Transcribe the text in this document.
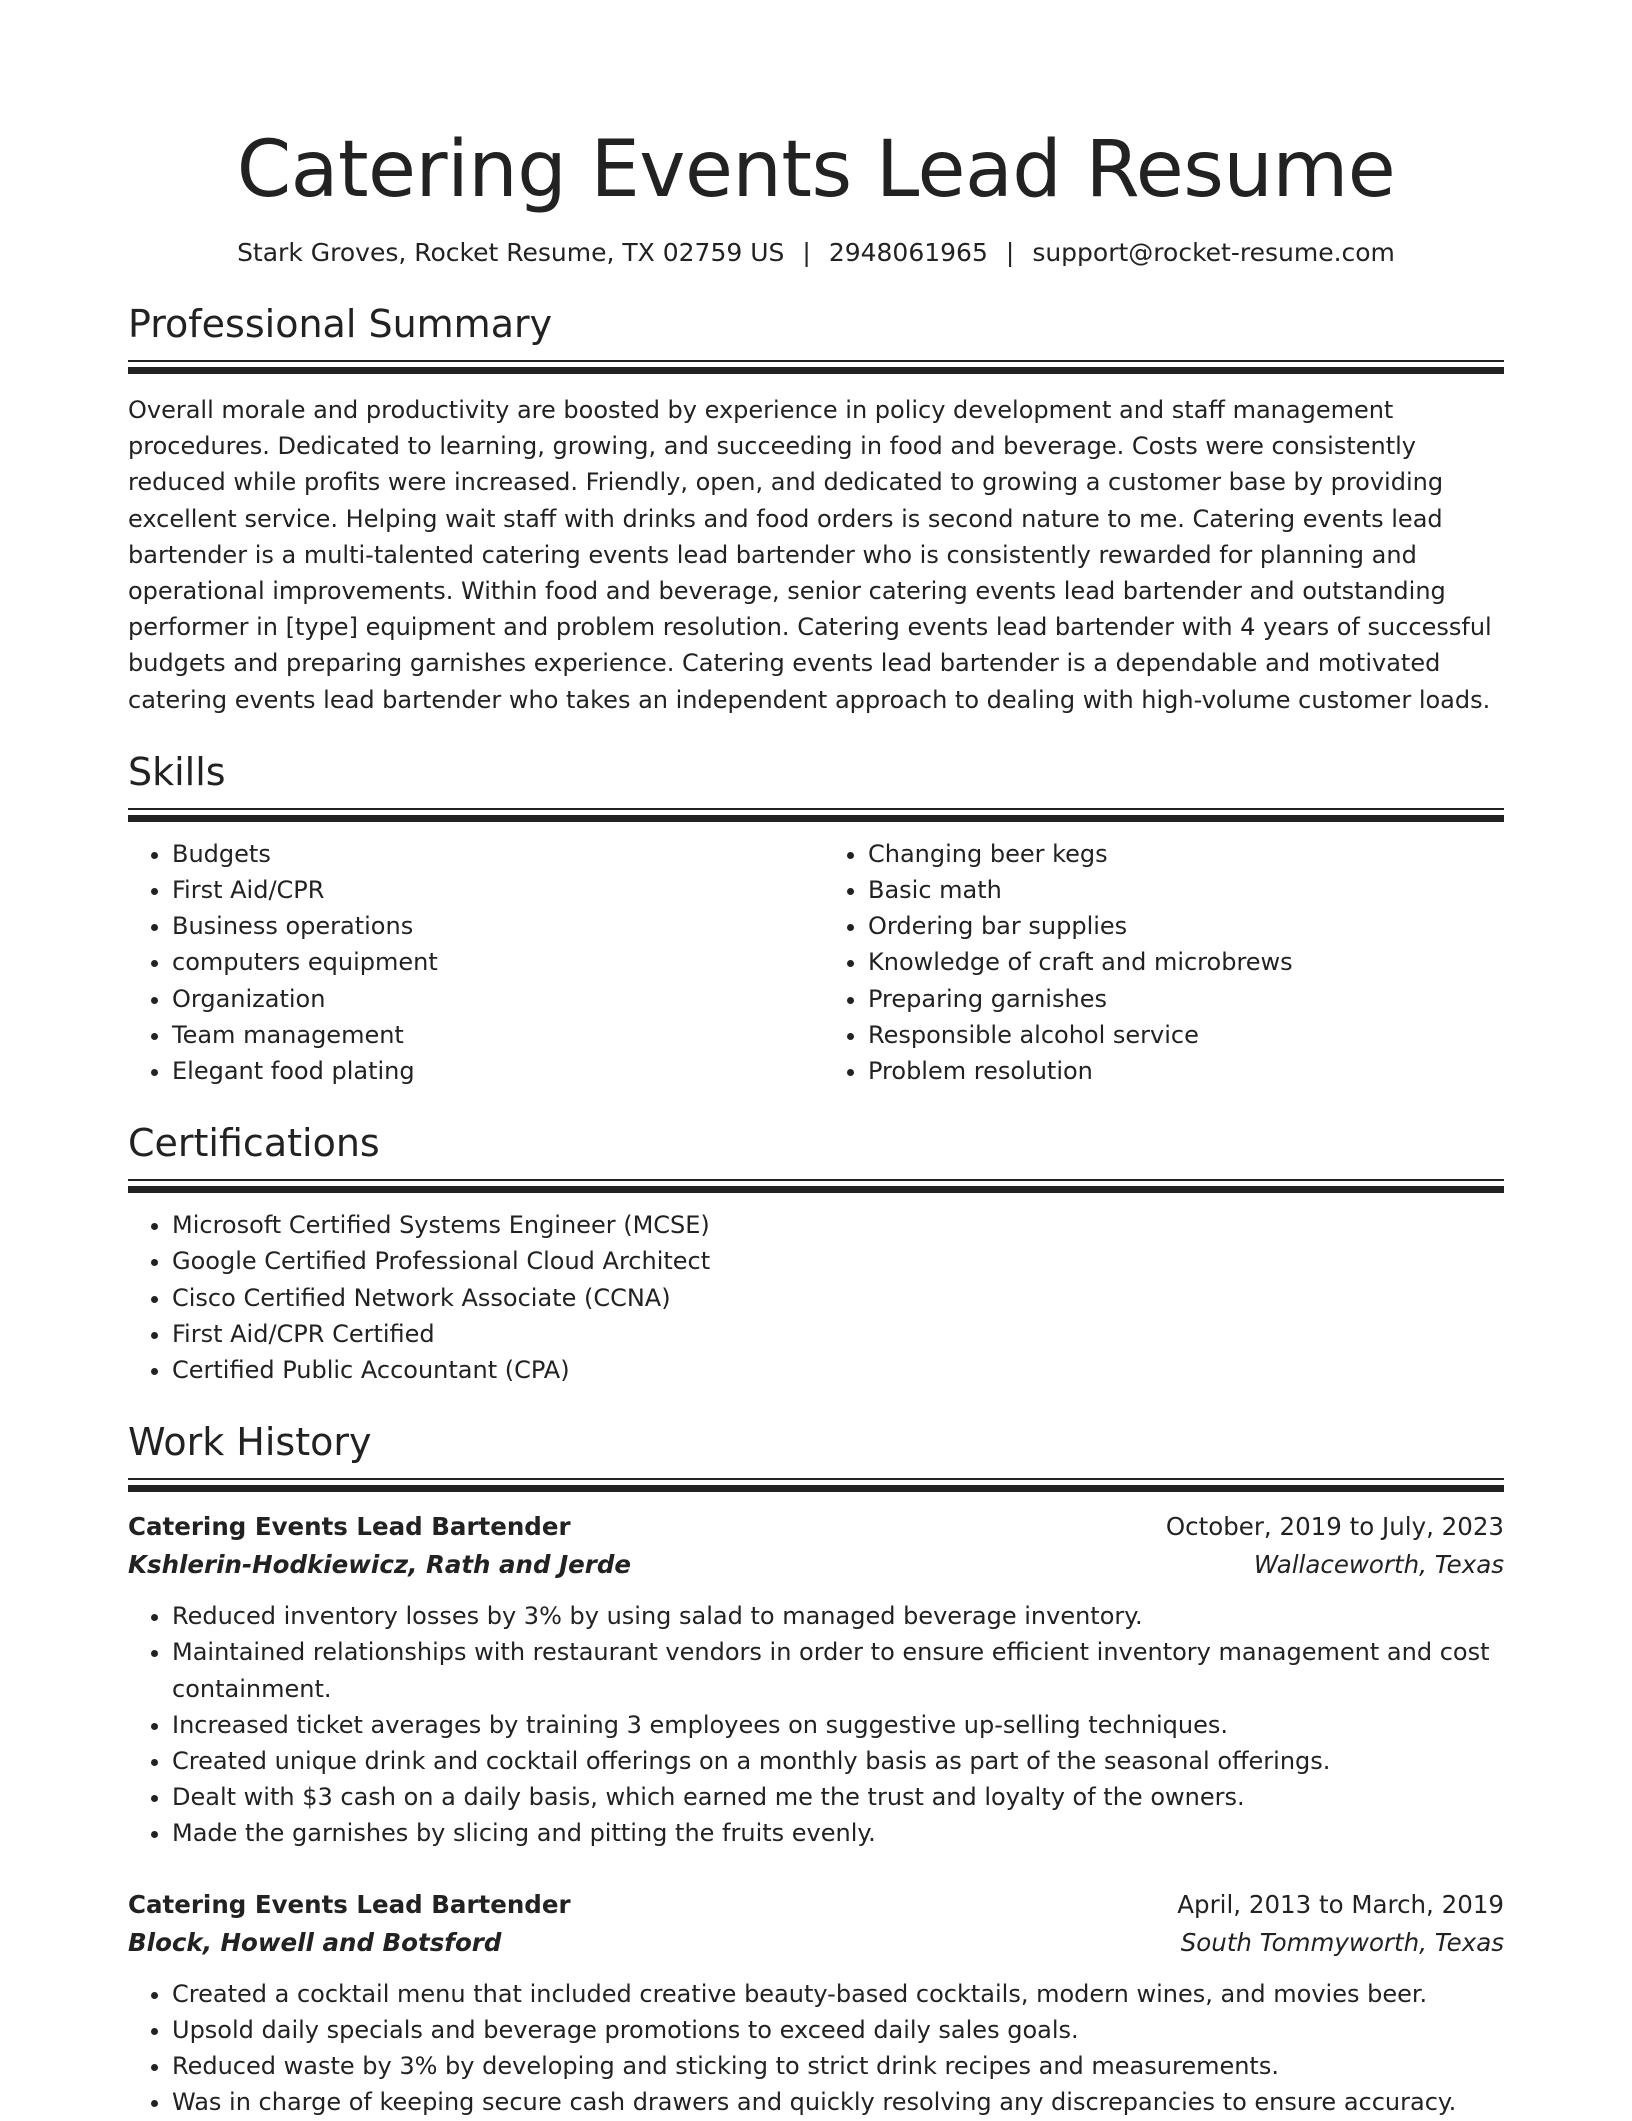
Catering Events Lead Resume
Stark Groves, Rocket Resume, TX 02759 US | 2948061965 | support@rocket-resume.com
Professional Summary

Overall morale and productivity are boosted by experience in policy development and staff management procedures. Dedicated to learning, growing, and succeeding in food and beverage. Costs were consistently reduced while profits were increased. Friendly, open, and dedicated to growing a customer base by providing excellent service. Helping wait staff with drinks and food orders is second nature to me. Catering events lead bartender is a multi-talented catering events lead bartender who is consistently rewarded for planning and operational improvements. Within food and beverage, senior catering events lead bartender and outstanding performer in [type] equipment and problem resolution. Catering events lead bartender with 4 years of successful budgets and preparing garnishes experience. Catering events lead bartender is a dependable and motivated catering events lead bartender who takes an independent approach to dealing with high-volume customer loads.

Skills
• Budgets
• First Aid/CPR
• Business operations
• computers equipment
• Organization
• Team management
• Elegant food plating
• Changing beer kegs
• Basic math
• Ordering bar supplies
• Knowledge of craft and microbrews
• Preparing garnishes
• Responsible alcohol service
• Problem resolution
Certifications
• Microsoft Certified Systems Engineer (MCSE)
• Google Certified Professional Cloud Architect
• Cisco Certified Network Associate (CCNA)
• First Aid/CPR Certified
• Certified Public Accountant (CPA)
Work History
Catering Events Lead Bartender	October, 2019 to July, 2023
Kshlerin-Hodkiewicz, Rath and Jerde	Wallaceworth, Texas
• Reduced inventory losses by 3% by using salad to managed beverage inventory.
• Maintained relationships with restaurant vendors in order to ensure efficient inventory management and cost containment.
• Increased ticket averages by training 3 employees on suggestive up-selling techniques.
• Created unique drink and cocktail offerings on a monthly basis as part of the seasonal offerings.
• Dealt with $3 cash on a daily basis, which earned me the trust and loyalty of the owners.
• Made the garnishes by slicing and pitting the fruits evenly.
Catering Events Lead Bartender	April, 2013 to March, 2019
Block, Howell and Botsford	South Tommyworth, Texas
• Created a cocktail menu that included creative beauty-based cocktails, modern wines, and movies beer.
• Upsold daily specials and beverage promotions to exceed daily sales goals.
• Reduced waste by 3% by developing and sticking to strict drink recipes and measurements.
• Was in charge of keeping secure cash drawers and quickly resolving any discrepancies to ensure accuracy.
